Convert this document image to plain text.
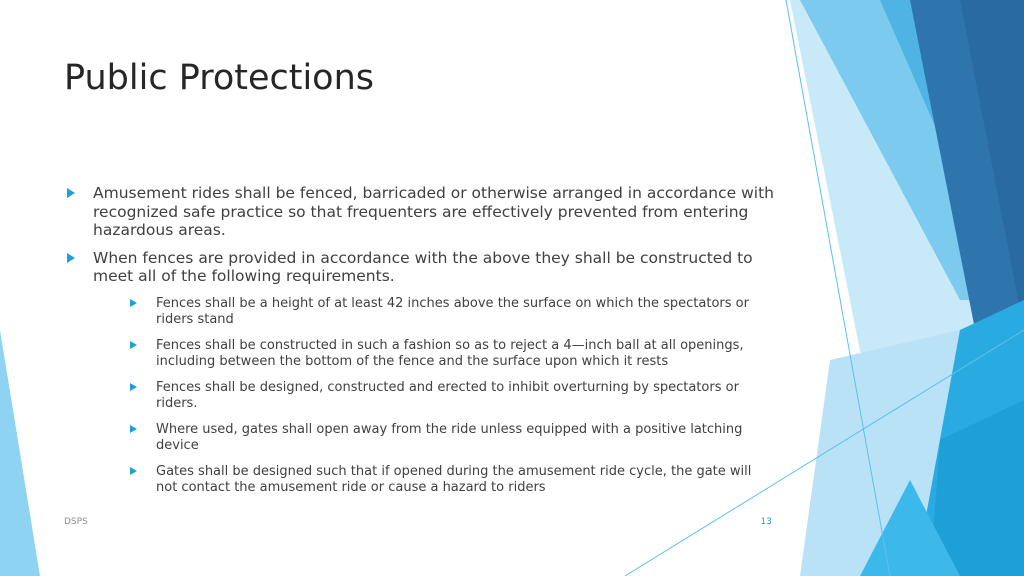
Public Protections
Amusement rides shall be fenced, barricaded or otherwise arranged in accordance with recognized safe practice so that frequenters are effectively prevented from entering hazardous areas.
When fences are provided in accordance with the above they shall be constructed to meet all of the following requirements.
Fences shall be a height of at least 42 inches above the surface on which the spectators or riders stand
Fences shall be constructed in such a fashion so as to reject a 4—inch ball at all openings, including between the bottom of the fence and the surface upon which it rests
Fences shall be designed, constructed and erected to inhibit overturning by spectators or riders.
Where used, gates shall open away from the ride unless equipped with a positive latching device
Gates shall be designed such that if opened during the amusement ride cycle, the gate will not contact the amusement ride or cause a hazard to riders
DSPS	13
